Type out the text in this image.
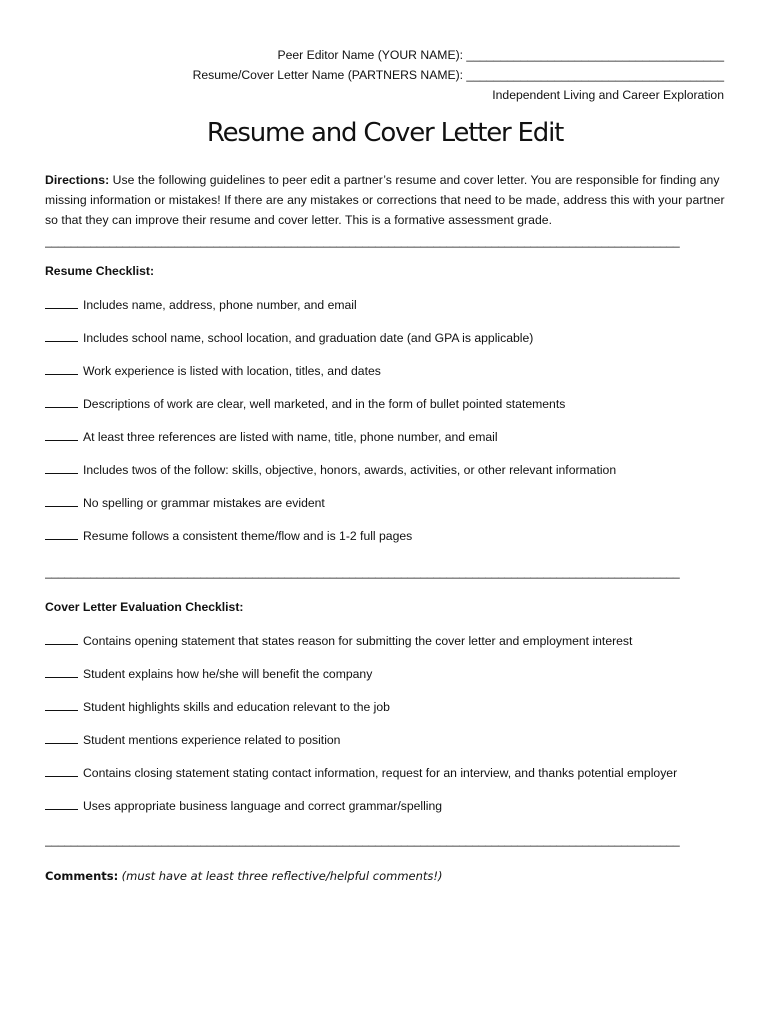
Peer Editor Name (YOUR NAME): ______________________________________
Resume/Cover Letter Name (PARTNERS NAME): ______________________________________
Independent Living and Career Exploration
Resume and Cover Letter Edit
Directions: Use the following guidelines to peer edit a partner’s resume and cover letter. You are responsible for finding any missing information or mistakes! If there are any mistakes or corrections that need to be made, address this with your partner so that they can improve their resume and cover letter. This is a formative assessment grade.
__________________________________________________________________________________________________
Resume Checklist:
Includes name, address, phone number, and email
Includes school name, school location, and graduation date (and GPA is applicable)
Work experience is listed with location, titles, and dates
Descriptions of work are clear, well marketed, and in the form of bullet pointed statements
At least three references are listed with name, title, phone number, and email
Includes twos of the follow: skills, objective, honors, awards, activities, or other relevant information
No spelling or grammar mistakes are evident
Resume follows a consistent theme/flow and is 1-2 full pages
__________________________________________________________________________________________________
Cover Letter Evaluation Checklist:
Contains opening statement that states reason for submitting the cover letter and employment interest
Student explains how he/she will benefit the company
Student highlights skills and education relevant to the job
Student mentions experience related to position
Contains closing statement stating contact information, request for an interview, and thanks potential employer
Uses appropriate business language and correct grammar/spelling
__________________________________________________________________________________________________
Comments: (must have at least three reflective/helpful comments!)
